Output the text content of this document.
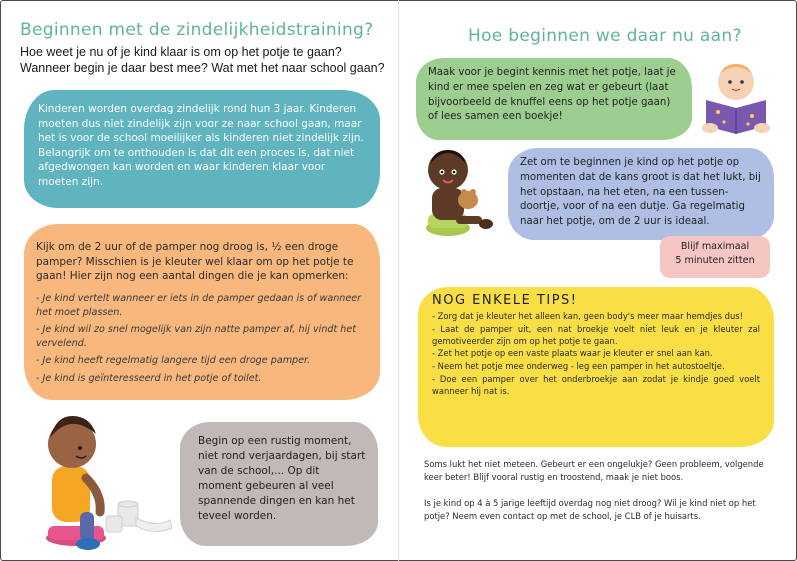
Beginnen met de zindelijkheidstraining?
Hoe weet je nu of je kind klaar is om op het potje te gaan?
Wanneer begin je daar best mee? Wat met het naar school gaan?

Kinderen worden overdag zindelijk rond hun 3 jaar. Kinderen moeten dus niet zindelijk zijn voor ze naar school gaan, maar het is voor de school moeilijker als kinderen niet zindelijk zijn. Belangrijk om te onthouden is dat dit een proces is, dat niet afgedwongen kan worden en waar kinderen klaar voor moeten zijn.

Kijk om de 2 uur of de pamper nog droog is, ½ een droge pamper? Misschien is je kleuter wel klaar om op het potje te gaan! Hier zijn nog een aantal dingen die je kan opmerken:

- Je kind vertelt wanneer er iets in de pamper gedaan is of wanneer het moet plassen.
- Je kind wil zo snel mogelijk van zijn natte pamper af, hij vindt het vervelend.
- Je kind heeft regelmatig langere tijd een droge pamper.
- Je kind is geïnteresseerd in het potje of toilet.

Begin op een rustig moment, niet rond verjaardagen, bij start van de school,... Op dit moment gebeuren al veel spannende dingen en kan het teveel worden.

Hoe beginnen we daar nu aan?

Maak voor je begint kennis met het potje, laat je kind er mee spelen en zeg wat er gebeurt (laat bijvoorbeeld de knuffel eens op het potje gaan) of lees samen een boekje!

Zet om te beginnen je kind op het potje op momenten dat de kans groot is dat het lukt, bij het opstaan, na het eten, na een tussen-doortje, voor of na een dutje. Ga regelmatig naar het potje, om de 2 uur is ideaal.

Blijf maximaal

5 minuten zitten

NOG ENKELE TIPS!
- Zorg dat je kleuter het alleen kan, geen body's meer maar hemdjes dus!
- Laat de pamper uit, een nat broekje voelt niet leuk en je kleuter zal gemotiveerder zijn om op het potje te gaan.
- Zet het potje op een vaste plaats waar je kleuter er snel aan kan.
- Neem het potje mee onderweg - leg een pamper in het autostoeltje.
- Doe een pamper over het onderbroekje aan zodat je kindje goed voelt wanneer hij nat is.
Soms lukt het niet meteen. Gebeurt er een ongelukje? Geen probleem, volgende keer beter! Blijf vooral rustig en troostend, maak je niet boos.
Is je kind op 4 à 5 jarige leeftijd overdag nog niet droog? Wil je kind niet op het potje? Neem even contact op met de school, je CLB of je huisarts.
